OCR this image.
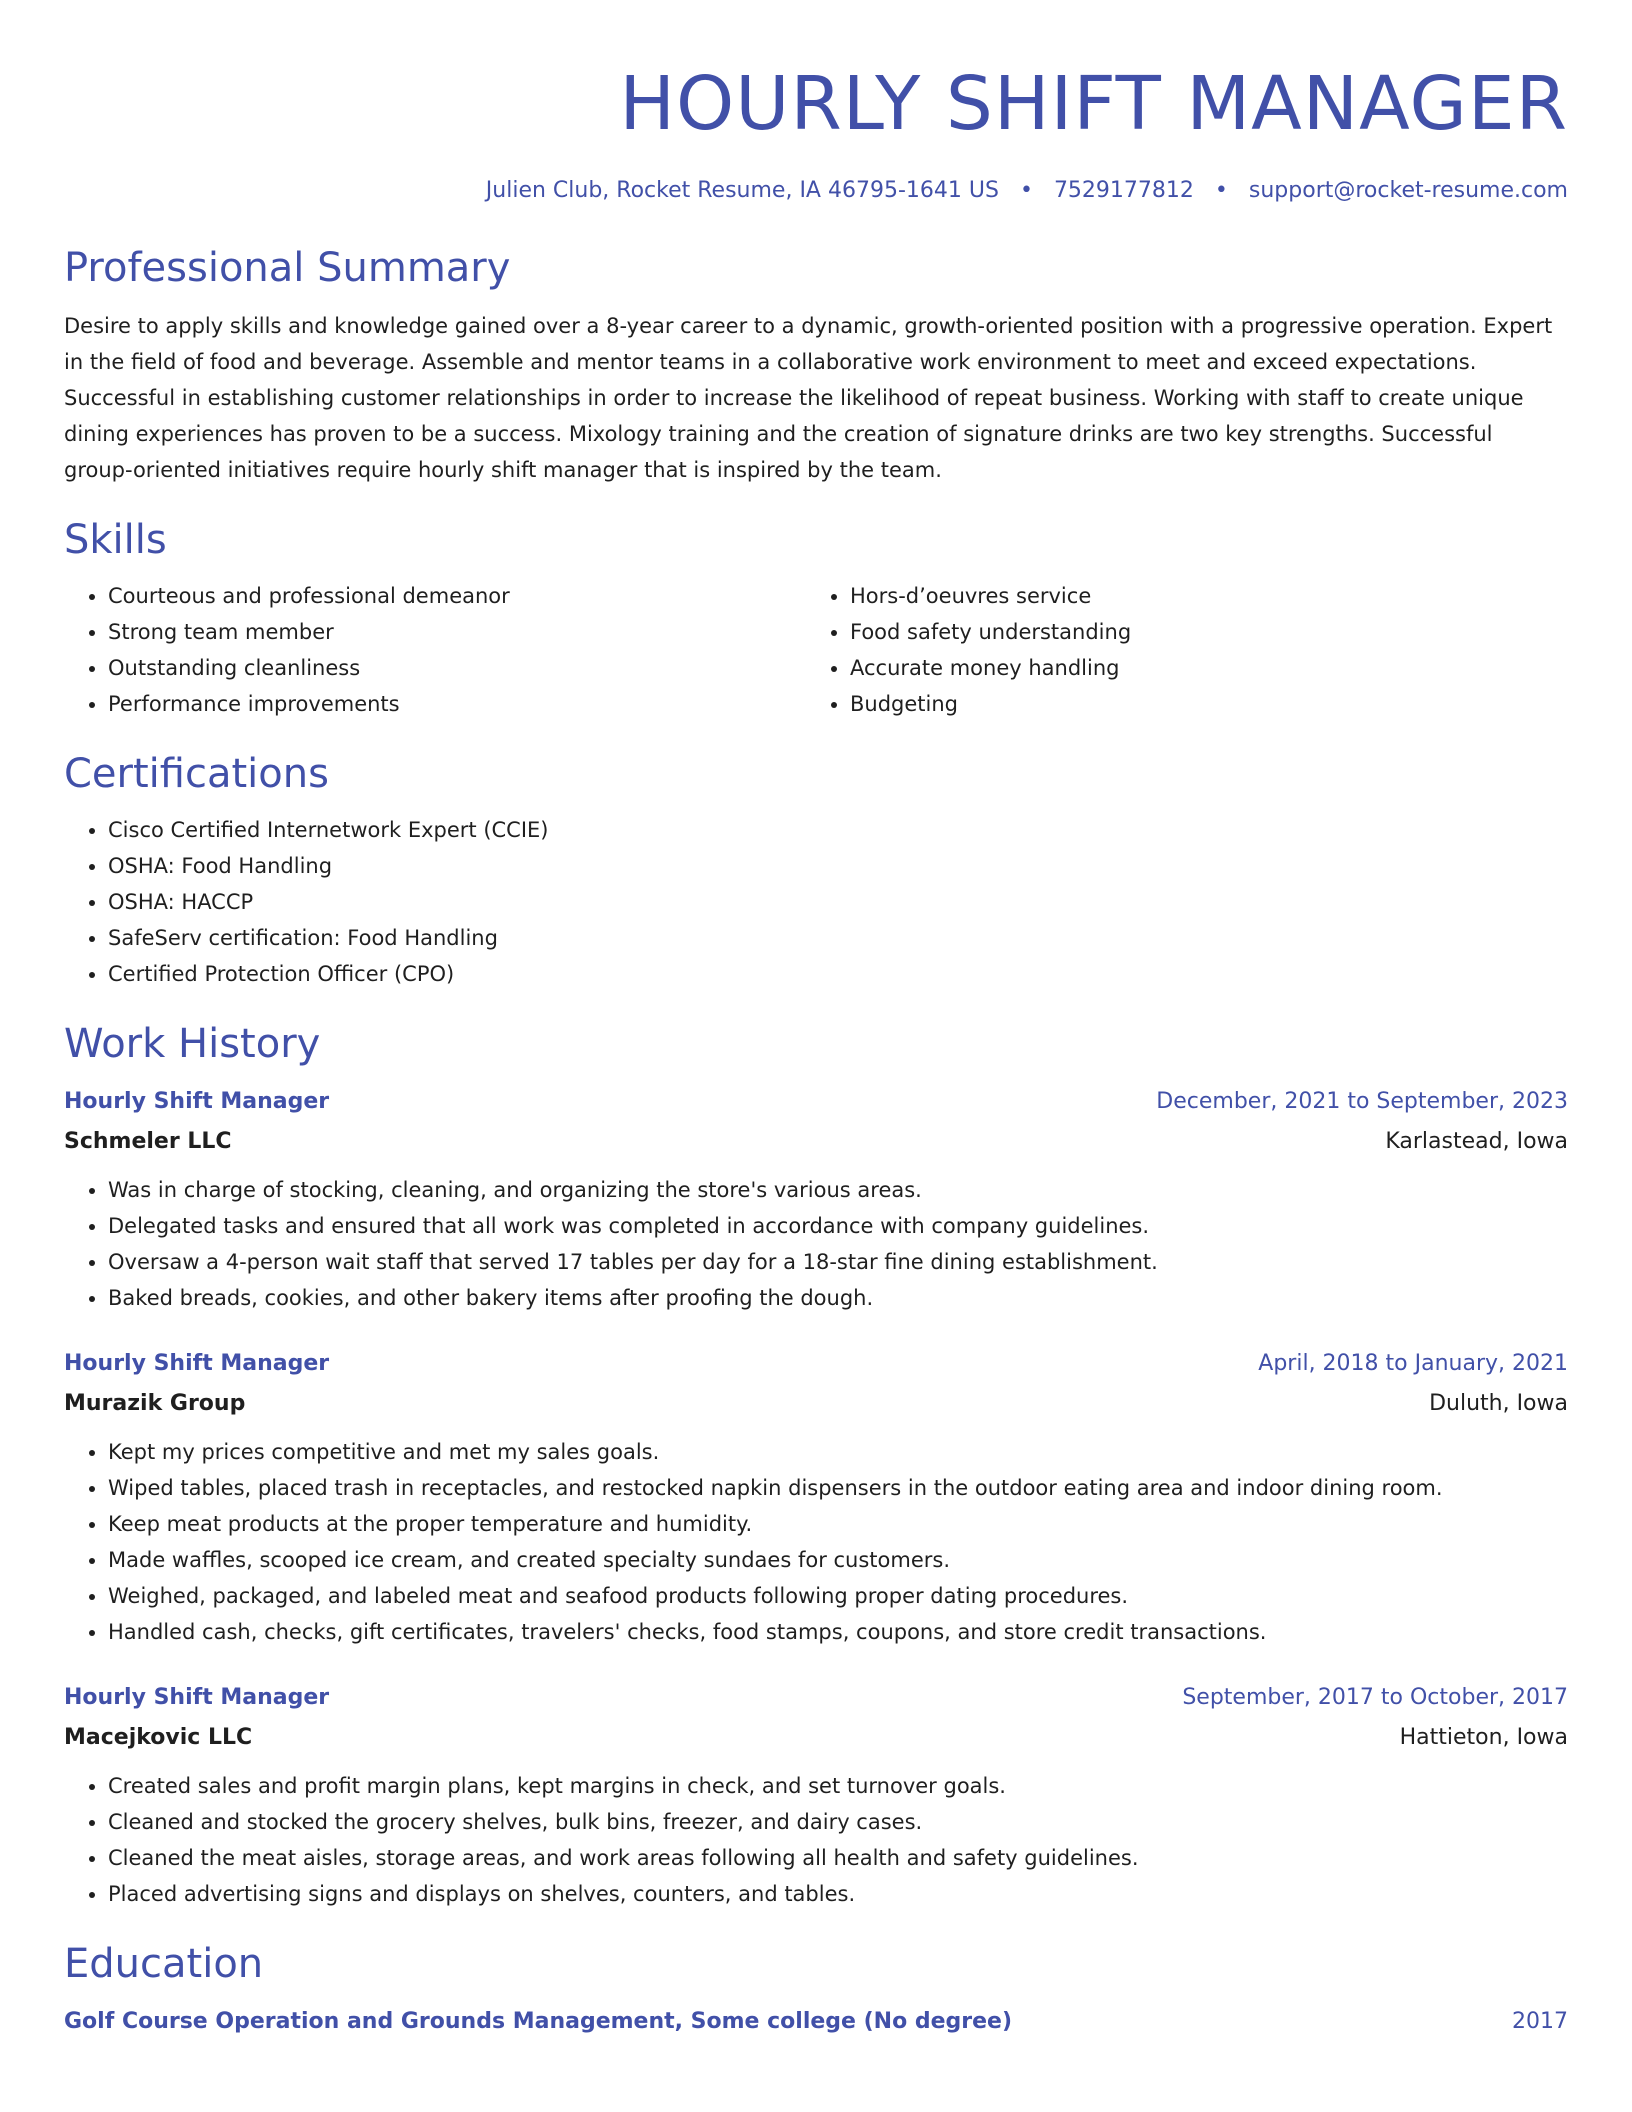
HOURLY SHIFT MANAGER
Julien Club, Rocket Resume, IA 46795-1641 US • 7529177812 • support@rocket-resume.com
Professional Summary

Desire to apply skills and knowledge gained over a 8-year career to a dynamic, growth-oriented position with a progressive operation. Expert in the field of food and beverage. Assemble and mentor teams in a collaborative work environment to meet and exceed expectations. Successful in establishing customer relationships in order to increase the likelihood of repeat business. Working with staff to create unique dining experiences has proven to be a success. Mixology training and the creation of signature drinks are two key strengths. Successful group-oriented initiatives require hourly shift manager that is inspired by the team.

Skills
• Courteous and professional demeanor
• Strong team member
• Outstanding cleanliness
• Performance improvements
• Hors-d’oeuvres service
• Food safety understanding
• Accurate money handling
• Budgeting
Certifications
• Cisco Certified Internetwork Expert (CCIE)
• OSHA: Food Handling
• OSHA: HACCP
• SafeServ certification: Food Handling
• Certified Protection Officer (CPO)
Work History
Hourly Shift Manager	December, 2021 to September, 2023
Schmeler LLC	Karlastead, Iowa
• Was in charge of stocking, cleaning, and organizing the store's various areas.
• Delegated tasks and ensured that all work was completed in accordance with company guidelines.
• Oversaw a 4-person wait staff that served 17 tables per day for a 18-star fine dining establishment.
• Baked breads, cookies, and other bakery items after proofing the dough.
Hourly Shift Manager	April, 2018 to January, 2021
Murazik Group	Duluth, Iowa
• Kept my prices competitive and met my sales goals.
• Wiped tables, placed trash in receptacles, and restocked napkin dispensers in the outdoor eating area and indoor dining room.
• Keep meat products at the proper temperature and humidity.
• Made waffles, scooped ice cream, and created specialty sundaes for customers.
• Weighed, packaged, and labeled meat and seafood products following proper dating procedures.
• Handled cash, checks, gift certificates, travelers' checks, food stamps, coupons, and store credit transactions.
Hourly Shift Manager	September, 2017 to October, 2017
Macejkovic LLC	Hattieton, Iowa
• Created sales and profit margin plans, kept margins in check, and set turnover goals.
• Cleaned and stocked the grocery shelves, bulk bins, freezer, and dairy cases.
• Cleaned the meat aisles, storage areas, and work areas following all health and safety guidelines.
• Placed advertising signs and displays on shelves, counters, and tables.
Education
Golf Course Operation and Grounds Management, Some college (No degree)	2017
